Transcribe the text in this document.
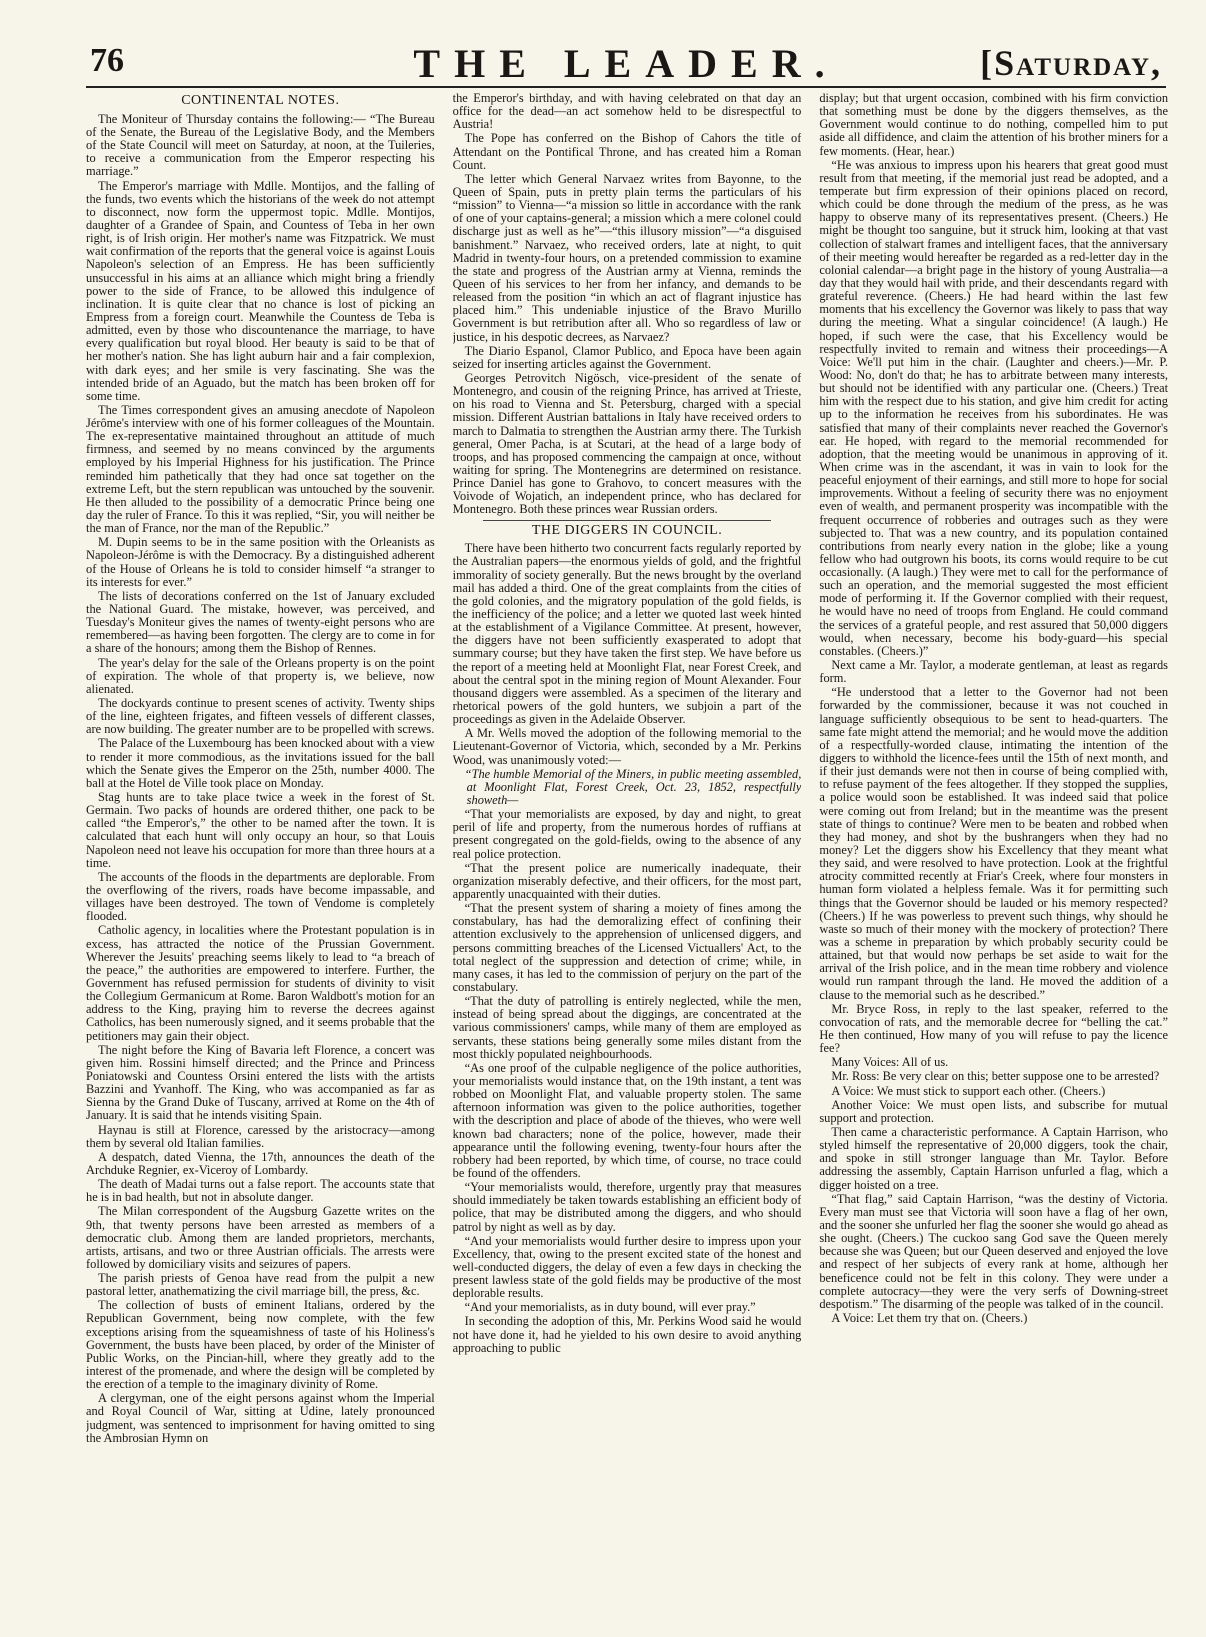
76	THE LEADER.	[Saturday,
CONTINENTAL NOTES.

The Moniteur of Thursday contains the following:— “The Bureau of the Senate, the Bureau of the Legislative Body, and the Members of the State Council will meet on Saturday, at noon, at the Tuileries, to receive a communication from the Emperor respecting his marriage.”

The Emperor's marriage with Mdlle. Montijos, and the falling of the funds, two events which the historians of the week do not attempt to disconnect, now form the uppermost topic. Mdlle. Montijos, daughter of a Grandee of Spain, and Countess of Teba in her own right, is of Irish origin. Her mother's name was Fitzpatrick. We must wait confirmation of the reports that the general voice is against Louis Napoleon's selection of an Empress. He has been sufficiently unsuccessful in his aims at an alliance which might bring a friendly power to the side of France, to be allowed this indulgence of inclination. It is quite clear that no chance is lost of picking an Empress from a foreign court. Meanwhile the Countess de Teba is admitted, even by those who discountenance the marriage, to have every qualification but royal blood. Her beauty is said to be that of her mother's nation. She has light auburn hair and a fair complexion, with dark eyes; and her smile is very fascinating. She was the intended bride of an Aguado, but the match has been broken off for some time.

The Times correspondent gives an amusing anecdote of Napoleon Jérôme's interview with one of his former colleagues of the Mountain. The ex-representative maintained throughout an attitude of much firmness, and seemed by no means convinced by the arguments employed by his Imperial Highness for his justification. The Prince reminded him pathetically that they had once sat together on the extreme Left, but the stern republican was untouched by the souvenir. He then alluded to the possibility of a democratic Prince being one day the ruler of France. To this it was replied, “Sir, you will neither be the man of France, nor the man of the Republic.”

M. Dupin seems to be in the same position with the Orleanists as Napoleon-Jérôme is with the Democracy. By a distinguished adherent of the House of Orleans he is told to consider himself “a stranger to its interests for ever.”

The lists of decorations conferred on the 1st of January excluded the National Guard. The mistake, however, was perceived, and Tuesday's Moniteur gives the names of twenty-eight persons who are remembered—as having been forgotten. The clergy are to come in for a share of the honours; among them the Bishop of Rennes.

The year's delay for the sale of the Orleans property is on the point of expiration. The whole of that property is, we believe, now alienated.

The dockyards continue to present scenes of activity. Twenty ships of the line, eighteen frigates, and fifteen vessels of different classes, are now building. The greater number are to be propelled with screws.

The Palace of the Luxembourg has been knocked about with a view to render it more commodious, as the invitations issued for the ball which the Senate gives the Emperor on the 25th, number 4000. The ball at the Hotel de Ville took place on Monday.

Stag hunts are to take place twice a week in the forest of St. Germain. Two packs of hounds are ordered thither, one pack to be called “the Emperor's,” the other to be named after the town. It is calculated that each hunt will only occupy an hour, so that Louis Napoleon need not leave his occupation for more than three hours at a time.

The accounts of the floods in the departments are deplorable. From the overflowing of the rivers, roads have become impassable, and villages have been destroyed. The town of Vendome is completely flooded.

Catholic agency, in localities where the Protestant population is in excess, has attracted the notice of the Prussian Government. Wherever the Jesuits' preaching seems likely to lead to “a breach of the peace,” the authorities are empowered to interfere. Further, the Government has refused permission for students of divinity to visit the Collegium Germanicum at Rome. Baron Waldbott's motion for an address to the King, praying him to reverse the decrees against Catholics, has been numerously signed, and it seems probable that the petitioners may gain their object.

The night before the King of Bavaria left Florence, a concert was given him. Rossini himself directed; and the Prince and Princess Poniatowski and Countess Orsini entered the lists with the artists Bazzini and Yvanhoff. The King, who was accompanied as far as Sienna by the Grand Duke of Tuscany, arrived at Rome on the 4th of January. It is said that he intends visiting Spain.

Haynau is still at Florence, caressed by the aristocracy—among them by several old Italian families.

A despatch, dated Vienna, the 17th, announces the death of the Archduke Regnier, ex-Viceroy of Lombardy.

The death of Madai turns out a false report. The accounts state that he is in bad health, but not in absolute danger.

The Milan correspondent of the Augsburg Gazette writes on the 9th, that twenty persons have been arrested as members of a democratic club. Among them are landed proprietors, merchants, artists, artisans, and two or three Austrian officials. The arrests were followed by domiciliary visits and seizures of papers.

The parish priests of Genoa have read from the pulpit a new pastoral letter, anathematizing the civil marriage bill, the press, &c.

The collection of busts of eminent Italians, ordered by the Republican Government, being now complete, with the few exceptions arising from the squeamishness of taste of his Holiness's Government, the busts have been placed, by order of the Minister of Public Works, on the Pincian-hill, where they greatly add to the interest of the promenade, and where the design will be completed by the erection of a temple to the imaginary divinity of Rome.

A clergyman, one of the eight persons against whom the Imperial and Royal Council of War, sitting at Udine, lately pronounced judgment, was sentenced to imprisonment for having omitted to sing the Ambrosian Hymn on

the Emperor's birthday, and with having celebrated on that day an office for the dead—an act somehow held to be disrespectful to Austria!

The Pope has conferred on the Bishop of Cahors the title of Attendant on the Pontifical Throne, and has created him a Roman Count.

The letter which General Narvaez writes from Bayonne, to the Queen of Spain, puts in pretty plain terms the particulars of his “mission” to Vienna—“a mission so little in accordance with the rank of one of your captains-general; a mission which a mere colonel could discharge just as well as he”—“this illusory mission”—“a disguised banishment.” Narvaez, who received orders, late at night, to quit Madrid in twenty-four hours, on a pretended commission to examine the state and progress of the Austrian army at Vienna, reminds the Queen of his services to her from her infancy, and demands to be released from the position “in which an act of flagrant injustice has placed him.” This undeniable injustice of the Bravo Murillo Government is but retribution after all. Who so regardless of law or justice, in his despotic decrees, as Narvaez?

The Diario Espanol, Clamor Publico, and Epoca have been again seized for inserting articles against the Government.

Georges Petrovitch Nigösch, vice-president of the senate of Montenegro, and cousin of the reigning Prince, has arrived at Trieste, on his road to Vienna and St. Petersburg, charged with a special mission. Different Austrian battalions in Italy have received orders to march to Dalmatia to strengthen the Austrian army there. The Turkish general, Omer Pacha, is at Scutari, at the head of a large body of troops, and has proposed commencing the campaign at once, without waiting for spring. The Montenegrins are determined on resistance. Prince Daniel has gone to Grahovo, to concert measures with the Voivode of Wojatich, an independent prince, who has declared for Montenegro. Both these princes wear Russian orders.

THE DIGGERS IN COUNCIL.

There have been hitherto two concurrent facts regularly reported by the Australian papers—the enormous yields of gold, and the frightful immorality of society generally. But the news brought by the overland mail has added a third. One of the great complaints from the cities of the gold colonies, and the migratory population of the gold fields, is the inefficiency of the police; and a letter we quoted last week hinted at the establishment of a Vigilance Committee. At present, however, the diggers have not been sufficiently exasperated to adopt that summary course; but they have taken the first step. We have before us the report of a meeting held at Moonlight Flat, near Forest Creek, and about the central spot in the mining region of Mount Alexander. Four thousand diggers were assembled. As a specimen of the literary and rhetorical powers of the gold hunters, we subjoin a part of the proceedings as given in the Adelaide Observer.

A Mr. Wells moved the adoption of the following memorial to the Lieutenant-Governor of Victoria, which, seconded by a Mr. Perkins Wood, was unanimously voted:—

“The humble Memorial of the Miners, in public meeting assembled, at Moonlight Flat, Forest Creek, Oct. 23, 1852, respectfully showeth—

“That your memorialists are exposed, by day and night, to great peril of life and property, from the numerous hordes of ruffians at present congregated on the gold-fields, owing to the absence of any real police protection.

“That the present police are numerically inadequate, their organization miserably defective, and their officers, for the most part, apparently unacquainted with their duties.

“That the present system of sharing a moiety of fines among the constabulary, has had the demoralizing effect of confining their attention exclusively to the apprehension of unlicensed diggers, and persons committing breaches of the Licensed Victuallers' Act, to the total neglect of the suppression and detection of crime; while, in many cases, it has led to the commission of perjury on the part of the constabulary.

“That the duty of patrolling is entirely neglected, while the men, instead of being spread about the diggings, are concentrated at the various commissioners' camps, while many of them are employed as servants, these stations being generally some miles distant from the most thickly populated neighbourhoods.

“As one proof of the culpable negligence of the police authorities, your memorialists would instance that, on the 19th instant, a tent was robbed on Moonlight Flat, and valuable property stolen. The same afternoon information was given to the police authorities, together with the description and place of abode of the thieves, who were well known bad characters; none of the police, however, made their appearance until the following evening, twenty-four hours after the robbery had been reported, by which time, of course, no trace could be found of the offenders.

“Your memorialists would, therefore, urgently pray that measures should immediately be taken towards establishing an efficient body of police, that may be distributed among the diggers, and who should patrol by night as well as by day.

“And your memorialists would further desire to impress upon your Excellency, that, owing to the present excited state of the honest and well-conducted diggers, the delay of even a few days in checking the present lawless state of the gold fields may be productive of the most deplorable results.

“And your memorialists, as in duty bound, will ever pray.”

In seconding the adoption of this, Mr. Perkins Wood said he would not have done it, had he yielded to his own desire to avoid anything approaching to public

display; but that urgent occasion, combined with his firm conviction that something must be done by the diggers themselves, as the Government would continue to do nothing, compelled him to put aside all diffidence, and claim the attention of his brother miners for a few moments. (Hear, hear.)

“He was anxious to impress upon his hearers that great good must result from that meeting, if the memorial just read be adopted, and a temperate but firm expression of their opinions placed on record, which could be done through the medium of the press, as he was happy to observe many of its representatives present. (Cheers.) He might be thought too sanguine, but it struck him, looking at that vast collection of stalwart frames and intelligent faces, that the anniversary of their meeting would hereafter be regarded as a red-letter day in the colonial calendar—a bright page in the history of young Australia—a day that they would hail with pride, and their descendants regard with grateful reverence. (Cheers.) He had heard within the last few moments that his excellency the Governor was likely to pass that way during the meeting. What a singular coincidence! (A laugh.) He hoped, if such were the case, that his Excellency would be respectfully invited to remain and witness their proceedings—A Voice: We'll put him in the chair. (Laughter and cheers.)—Mr. P. Wood: No, don't do that; he has to arbitrate between many interests, but should not be identified with any particular one. (Cheers.) Treat him with the respect due to his station, and give him credit for acting up to the information he receives from his subordinates. He was satisfied that many of their complaints never reached the Governor's ear. He hoped, with regard to the memorial recommended for adoption, that the meeting would be unanimous in approving of it. When crime was in the ascendant, it was in vain to look for the peaceful enjoyment of their earnings, and still more to hope for social improvements. Without a feeling of security there was no enjoyment even of wealth, and permanent prosperity was incompatible with the frequent occurrence of robberies and outrages such as they were subjected to. That was a new country, and its population contained contributions from nearly every nation in the globe; like a young fellow who had outgrown his boots, its corns would require to be cut occasionally. (A laugh.) They were met to call for the performance of such an operation, and the memorial suggested the most efficient mode of performing it. If the Governor complied with their request, he would have no need of troops from England. He could command the services of a grateful people, and rest assured that 50,000 diggers would, when necessary, become his body-guard—his special constables. (Cheers.)”

Next came a Mr. Taylor, a moderate gentleman, at least as regards form.

“He understood that a letter to the Governor had not been forwarded by the commissioner, because it was not couched in language sufficiently obsequious to be sent to head-quarters. The same fate might attend the memorial; and he would move the addition of a respectfully-worded clause, intimating the intention of the diggers to withhold the licence-fees until the 15th of next month, and if their just demands were not then in course of being complied with, to refuse payment of the fees altogether. If they stopped the supplies, a police would soon be established. It was indeed said that police were coming out from Ireland; but in the meantime was the present state of things to continue? Were men to be beaten and robbed when they had money, and shot by the bushrangers when they had no money? Let the diggers show his Excellency that they meant what they said, and were resolved to have protection. Look at the frightful atrocity committed recently at Friar's Creek, where four monsters in human form violated a helpless female. Was it for permitting such things that the Governor should be lauded or his memory respected? (Cheers.) If he was powerless to prevent such things, why should he waste so much of their money with the mockery of protection? There was a scheme in preparation by which probably security could be attained, but that would now perhaps be set aside to wait for the arrival of the Irish police, and in the mean time robbery and violence would run rampant through the land. He moved the addition of a clause to the memorial such as he described.”

Mr. Bryce Ross, in reply to the last speaker, referred to the convocation of rats, and the memorable decree for “belling the cat.” He then continued, How many of you will refuse to pay the licence fee?

Many Voices: All of us.

Mr. Ross: Be very clear on this; better suppose one to be arrested?

A Voice: We must stick to support each other. (Cheers.)

Another Voice: We must open lists, and subscribe for mutual support and protection.

Then came a characteristic performance. A Captain Harrison, who styled himself the representative of 20,000 diggers, took the chair, and spoke in still stronger language than Mr. Taylor. Before addressing the assembly, Captain Harrison unfurled a flag, which a digger hoisted on a tree.

“That flag,” said Captain Harrison, “was the destiny of Victoria. Every man must see that Victoria will soon have a flag of her own, and the sooner she unfurled her flag the sooner she would go ahead as she ought. (Cheers.) The cuckoo sang God save the Queen merely because she was Queen; but our Queen deserved and enjoyed the love and respect of her subjects of every rank at home, although her beneficence could not be felt in this colony. They were under a complete autocracy—they were the very serfs of Downing-street despotism.” The disarming of the people was talked of in the council.

A Voice: Let them try that on. (Cheers.)
